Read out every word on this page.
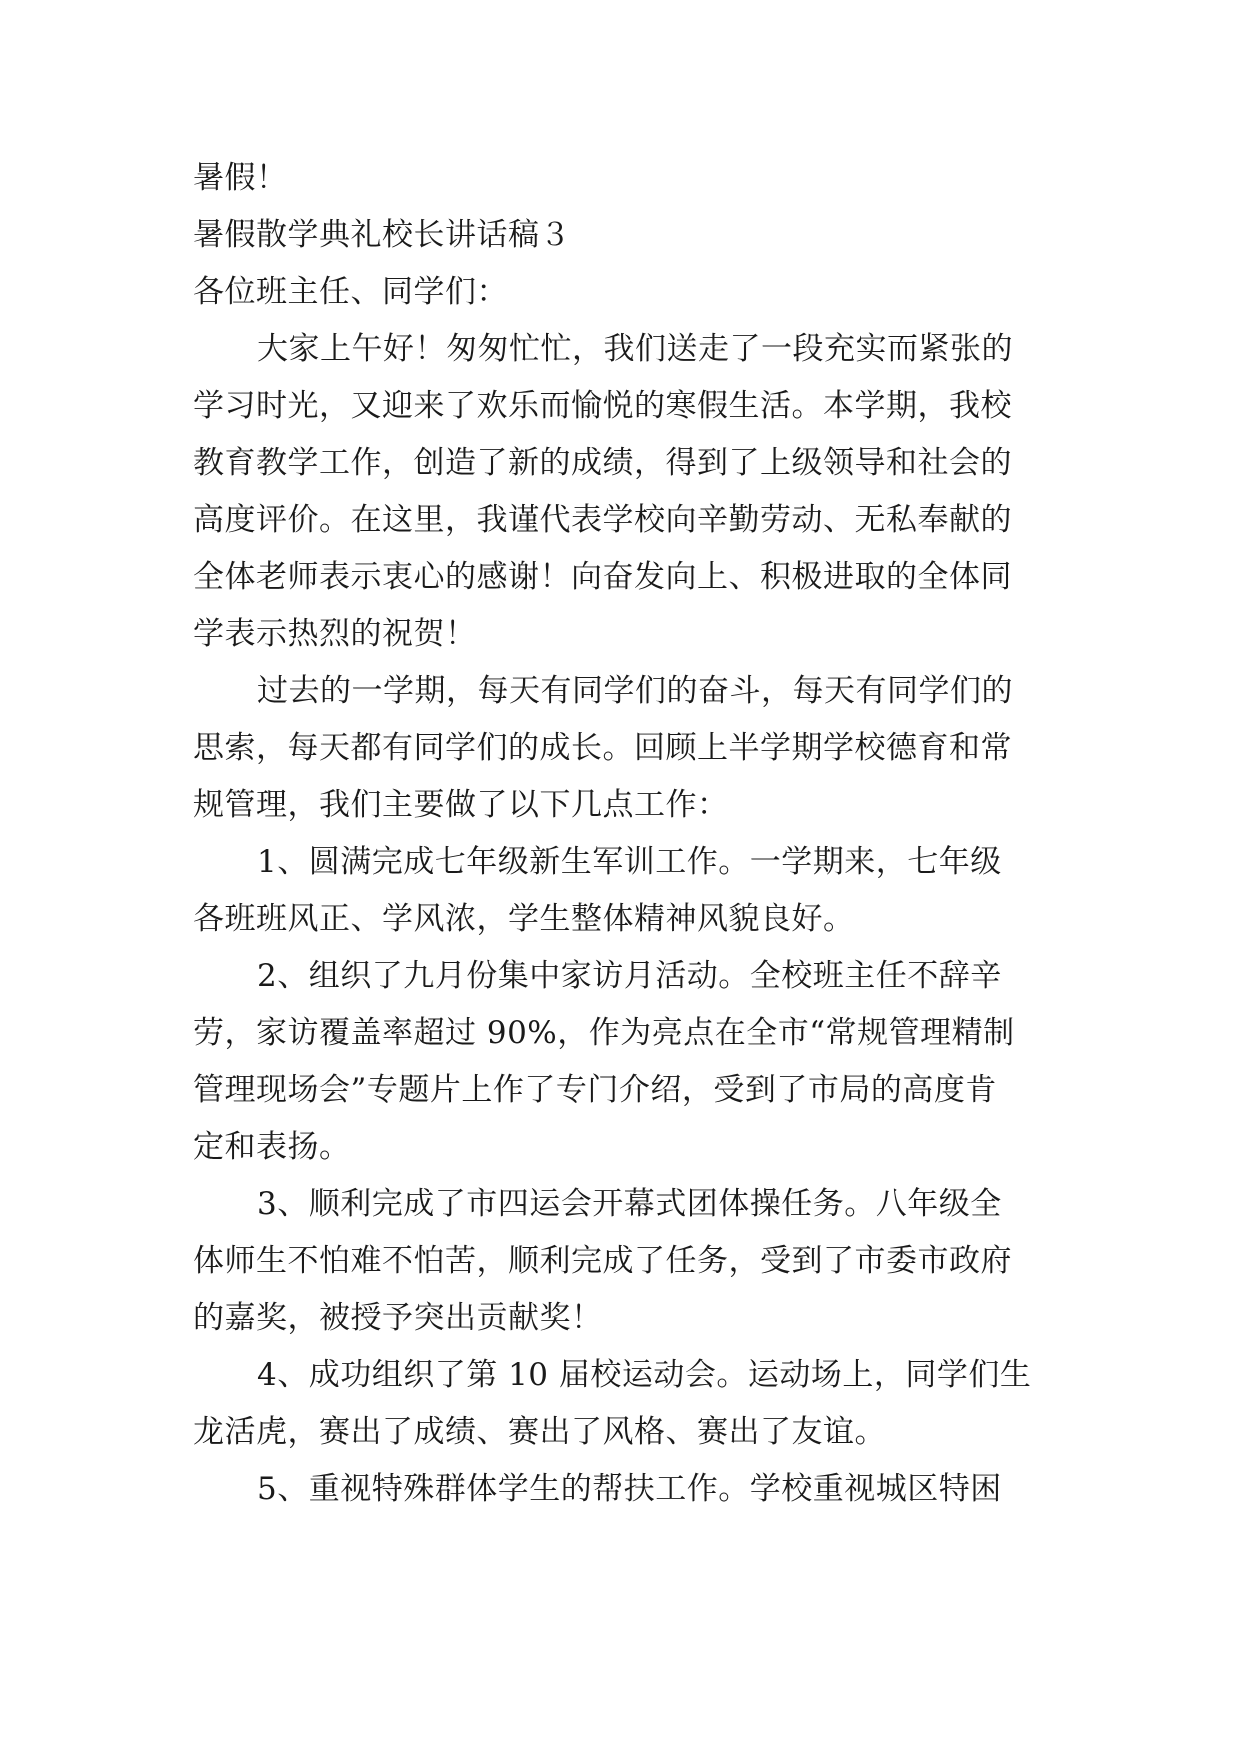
暑假！
暑假散学典礼校长讲话稿３
各位班主任、同学们：
大家上午好！匆匆忙忙，我们送走了一段充实而紧张的
学习时光，又迎来了欢乐而愉悦的寒假生活。本学期，我校
教育教学工作，创造了新的成绩，得到了上级领导和社会的
高度评价。在这里，我谨代表学校向辛勤劳动、无私奉献的
全体老师表示衷心的感谢！向奋发向上、积极进取的全体同
学表示热烈的祝贺！
过去的一学期，每天有同学们的奋斗，每天有同学们的
思索，每天都有同学们的成长。回顾上半学期学校德育和常
规管理，我们主要做了以下几点工作：
1、圆满完成七年级新生军训工作。一学期来，七年级
各班班风正、学风浓，学生整体精神风貌良好。
2、组织了九月份集中家访月活动。全校班主任不辞辛
劳，家访覆盖率超过 90%，作为亮点在全市“常规管理精制
管理现场会”专题片上作了专门介绍，受到了市局的高度肯
定和表扬。
3、顺利完成了市四运会开幕式团体操任务。八年级全
体师生不怕难不怕苦，顺利完成了任务，受到了市委市政府
的嘉奖，被授予突出贡献奖！
4、成功组织了第 10 届校运动会。运动场上，同学们生
龙活虎，赛出了成绩、赛出了风格、赛出了友谊。
5、重视特殊群体学生的帮扶工作。学校重视城区特困
